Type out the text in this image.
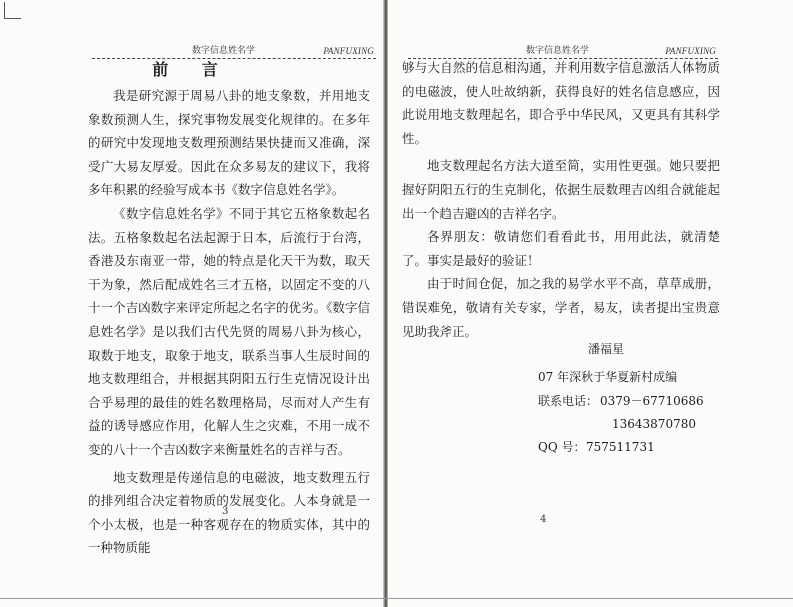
数字信息姓名学	PANFUXING
前 言

我是研究源于周易八卦的地支象数，并用地支象数预测人生，探究事物发展变化规律的。在多年的研究中发现地支数理预测结果快捷而又准确，深受广大易友厚爱。因此在众多易友的建议下，我将多年积累的经验写成本书《数字信息姓名学》。

《数字信息姓名学》不同于其它五格象数起名法。五格象数起名法起源于日本，后流行于台湾，香港及东南亚一带，她的特点是化天干为数，取天干为象，然后配成姓名三才五格，以固定不变的八十一个吉凶数字来评定所起之名字的优劣。《数字信息姓名学》是以我们古代先贤的周易八卦为核心，取数于地支，取象于地支，联系当事人生辰时间的地支数理组合，并根据其阴阳五行生克情况设计出合乎易理的最佳的姓名数理格局，尽而对人产生有益的诱导感应作用，化解人生之灾难，不用一成不变的八十一个吉凶数字来衡量姓名的吉祥与否。

地支数理是传递信息的电磁波，地支数理五行的排列组合决定着物质的发展变化。人本身就是一个小太极，也是一种客观存在的物质实体，其中的一种物质能

3
数字信息姓名学	PANFUXING

够与大自然的信息相沟通，并利用数字信息激活人体物质的电磁波，使人吐故纳新，获得良好的姓名信息感应，因此说用地支数理起名，即合乎中华民风，又更具有其科学性。

地支数理起名方法大道至简，实用性更强。她只要把握好阴阳五行的生克制化，依据生辰数理吉凶组合就能起出一个趋吉避凶的吉祥名字。

各界朋友：敬请您们看看此书，用用此法，就清楚了。事实是最好的验证！

由于时间仓促，加之我的易学水平不高，草草成册，错误难免，敬请有关专家，学者，易友，读者提出宝贵意见助我斧正。

潘福星
07 年深秋于华夏新村成编
联系电话： 0379－67710686
13643870780
QQ 号： 757511731
4
